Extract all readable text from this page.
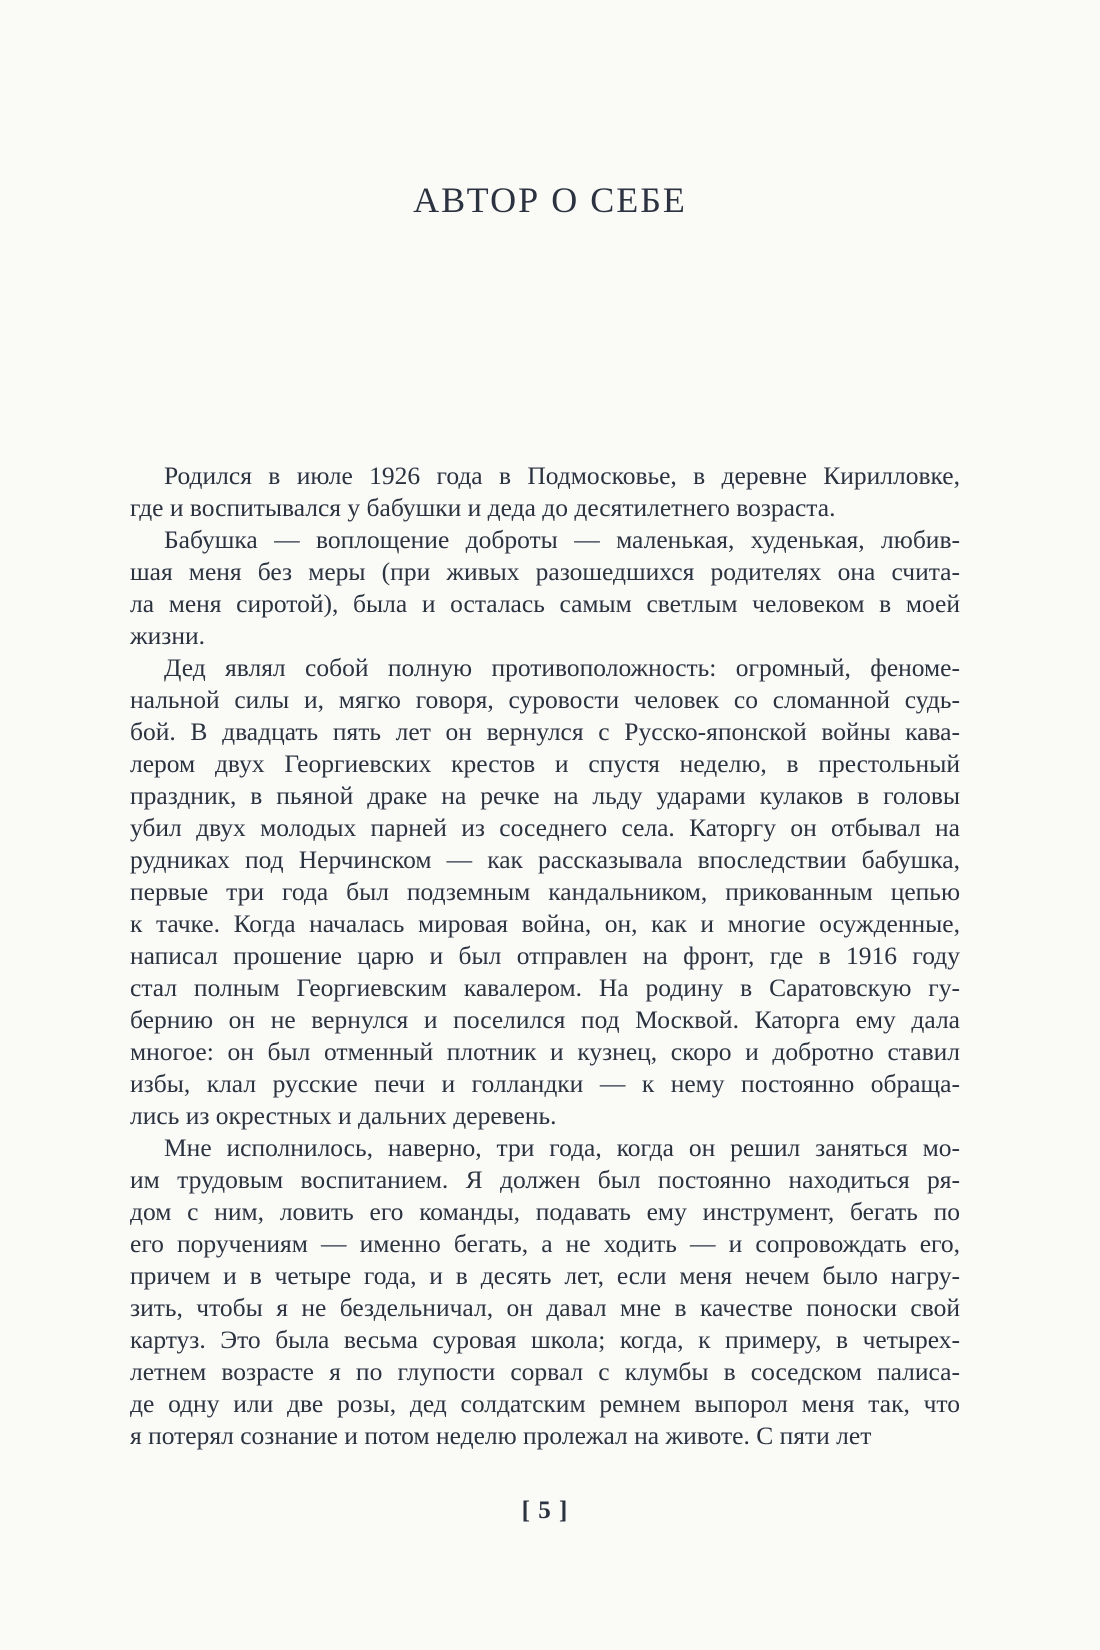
АВТОР О СЕБЕ
Родился в июле 1926 года в Подмосковье, в деревне Кирилловке,
где и воспитывался у бабушки и деда до десятилетнего возраста.
Бабушка — воплощение доброты — маленькая, худенькая, любив-
шая меня без меры (при живых разошедшихся родителях она счита-
ла меня сиротой), была и осталась самым светлым человеком в моей
жизни.
Дед являл собой полную противоположность: огромный, феноме-
нальной силы и, мягко говоря, суровости человек со сломанной судь-
бой. В двадцать пять лет он вернулся с Русско-японской войны кава-
лером двух Георгиевских крестов и спустя неделю, в престольный
праздник, в пьяной драке на речке на льду ударами кулаков в головы
убил двух молодых парней из соседнего села. Каторгу он отбывал на
рудниках под Нерчинском — как рассказывала впоследствии бабушка,
первые три года был подземным кандальником, прикованным цепью
к тачке. Когда началась мировая война, он, как и многие осужденные,
написал прошение царю и был отправлен на фронт, где в 1916 году
стал полным Георгиевским кавалером. На родину в Саратовскую гу-
бернию он не вернулся и поселился под Москвой. Каторга ему дала
многое: он был отменный плотник и кузнец, скоро и добротно ставил
избы, клал русские печи и голландки — к нему постоянно обраща-
лись из окрестных и дальних деревень.
Мне исполнилось, наверно, три года, когда он решил заняться мо-
им трудовым воспитанием. Я должен был постоянно находиться ря-
дом с ним, ловить его команды, подавать ему инструмент, бегать по
его поручениям — именно бегать, а не ходить — и сопровождать его,
причем и в четыре года, и в десять лет, если меня нечем было нагру-
зить, чтобы я не бездельничал, он давал мне в качестве поноски свой
картуз. Это была весьма суровая школа; когда, к примеру, в четырех-
летнем возрасте я по глупости сорвал с клумбы в соседском палиса-
де одну или две розы, дед солдатским ремнем выпорол меня так, что
я потерял сознание и потом неделю пролежал на животе. С пяти лет
[ 5 ]
